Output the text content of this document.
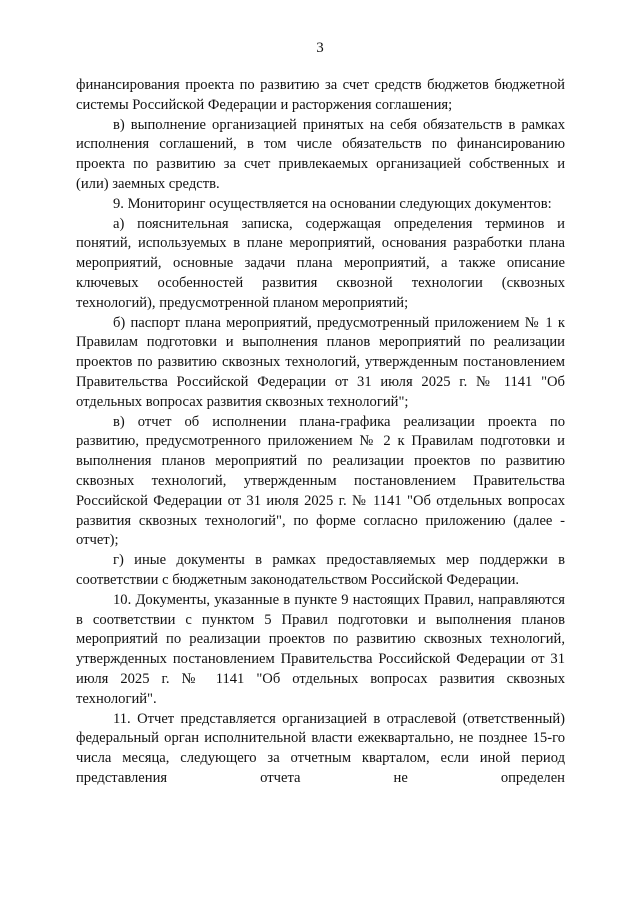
3

финансирования проекта по развитию за счет средств бюджетов бюджетной системы Российской Федерации и расторжения соглашения;

в) выполнение организацией принятых на себя обязательств в рамках исполнения соглашений, в том числе обязательств по финансированию проекта по развитию за счет привлекаемых организацией собственных и (или) заемных средств.

9. Мониторинг осуществляется на основании следующих документов:

а) пояснительная записка, содержащая определения терминов и понятий, используемых в плане мероприятий, основания разработки плана мероприятий, основные задачи плана мероприятий, а также описание ключевых особенностей развития сквозной технологии (сквозных технологий), предусмотренной планом мероприятий;

б) паспорт плана мероприятий, предусмотренный приложением № 1 к Правилам подготовки и выполнения планов мероприятий по реализации проектов по развитию сквозных технологий, утвержденным постановлением Правительства Российской Федерации от 31 июля 2025 г. № 1141 "Об отдельных вопросах развития сквозных технологий";

в) отчет об исполнении плана-графика реализации проекта по развитию, предусмотренного приложением № 2 к Правилам подготовки и выполнения планов мероприятий по реализации проектов по развитию сквозных технологий, утвержденным постановлением Правительства Российской Федерации от 31 июля 2025 г. № 1141 "Об отдельных вопросах развития сквозных технологий", по форме согласно приложению (далее - отчет);

г) иные документы в рамках предоставляемых мер поддержки в соответствии с бюджетным законодательством Российской Федерации.

10. Документы, указанные в пункте 9 настоящих Правил, направляются в соответствии с пунктом 5 Правил подготовки и выполнения планов мероприятий по реализации проектов по развитию сквозных технологий, утвержденных постановлением Правительства Российской Федерации от 31 июля 2025 г. № 1141 "Об отдельных вопросах развития сквозных технологий".

11. Отчет представляется организацией в отраслевой (ответственный) федеральный орган исполнительной власти ежеквартально, не позднее 15-го числа месяца, следующего за отчетным кварталом, если иной период представления отчета не определен
